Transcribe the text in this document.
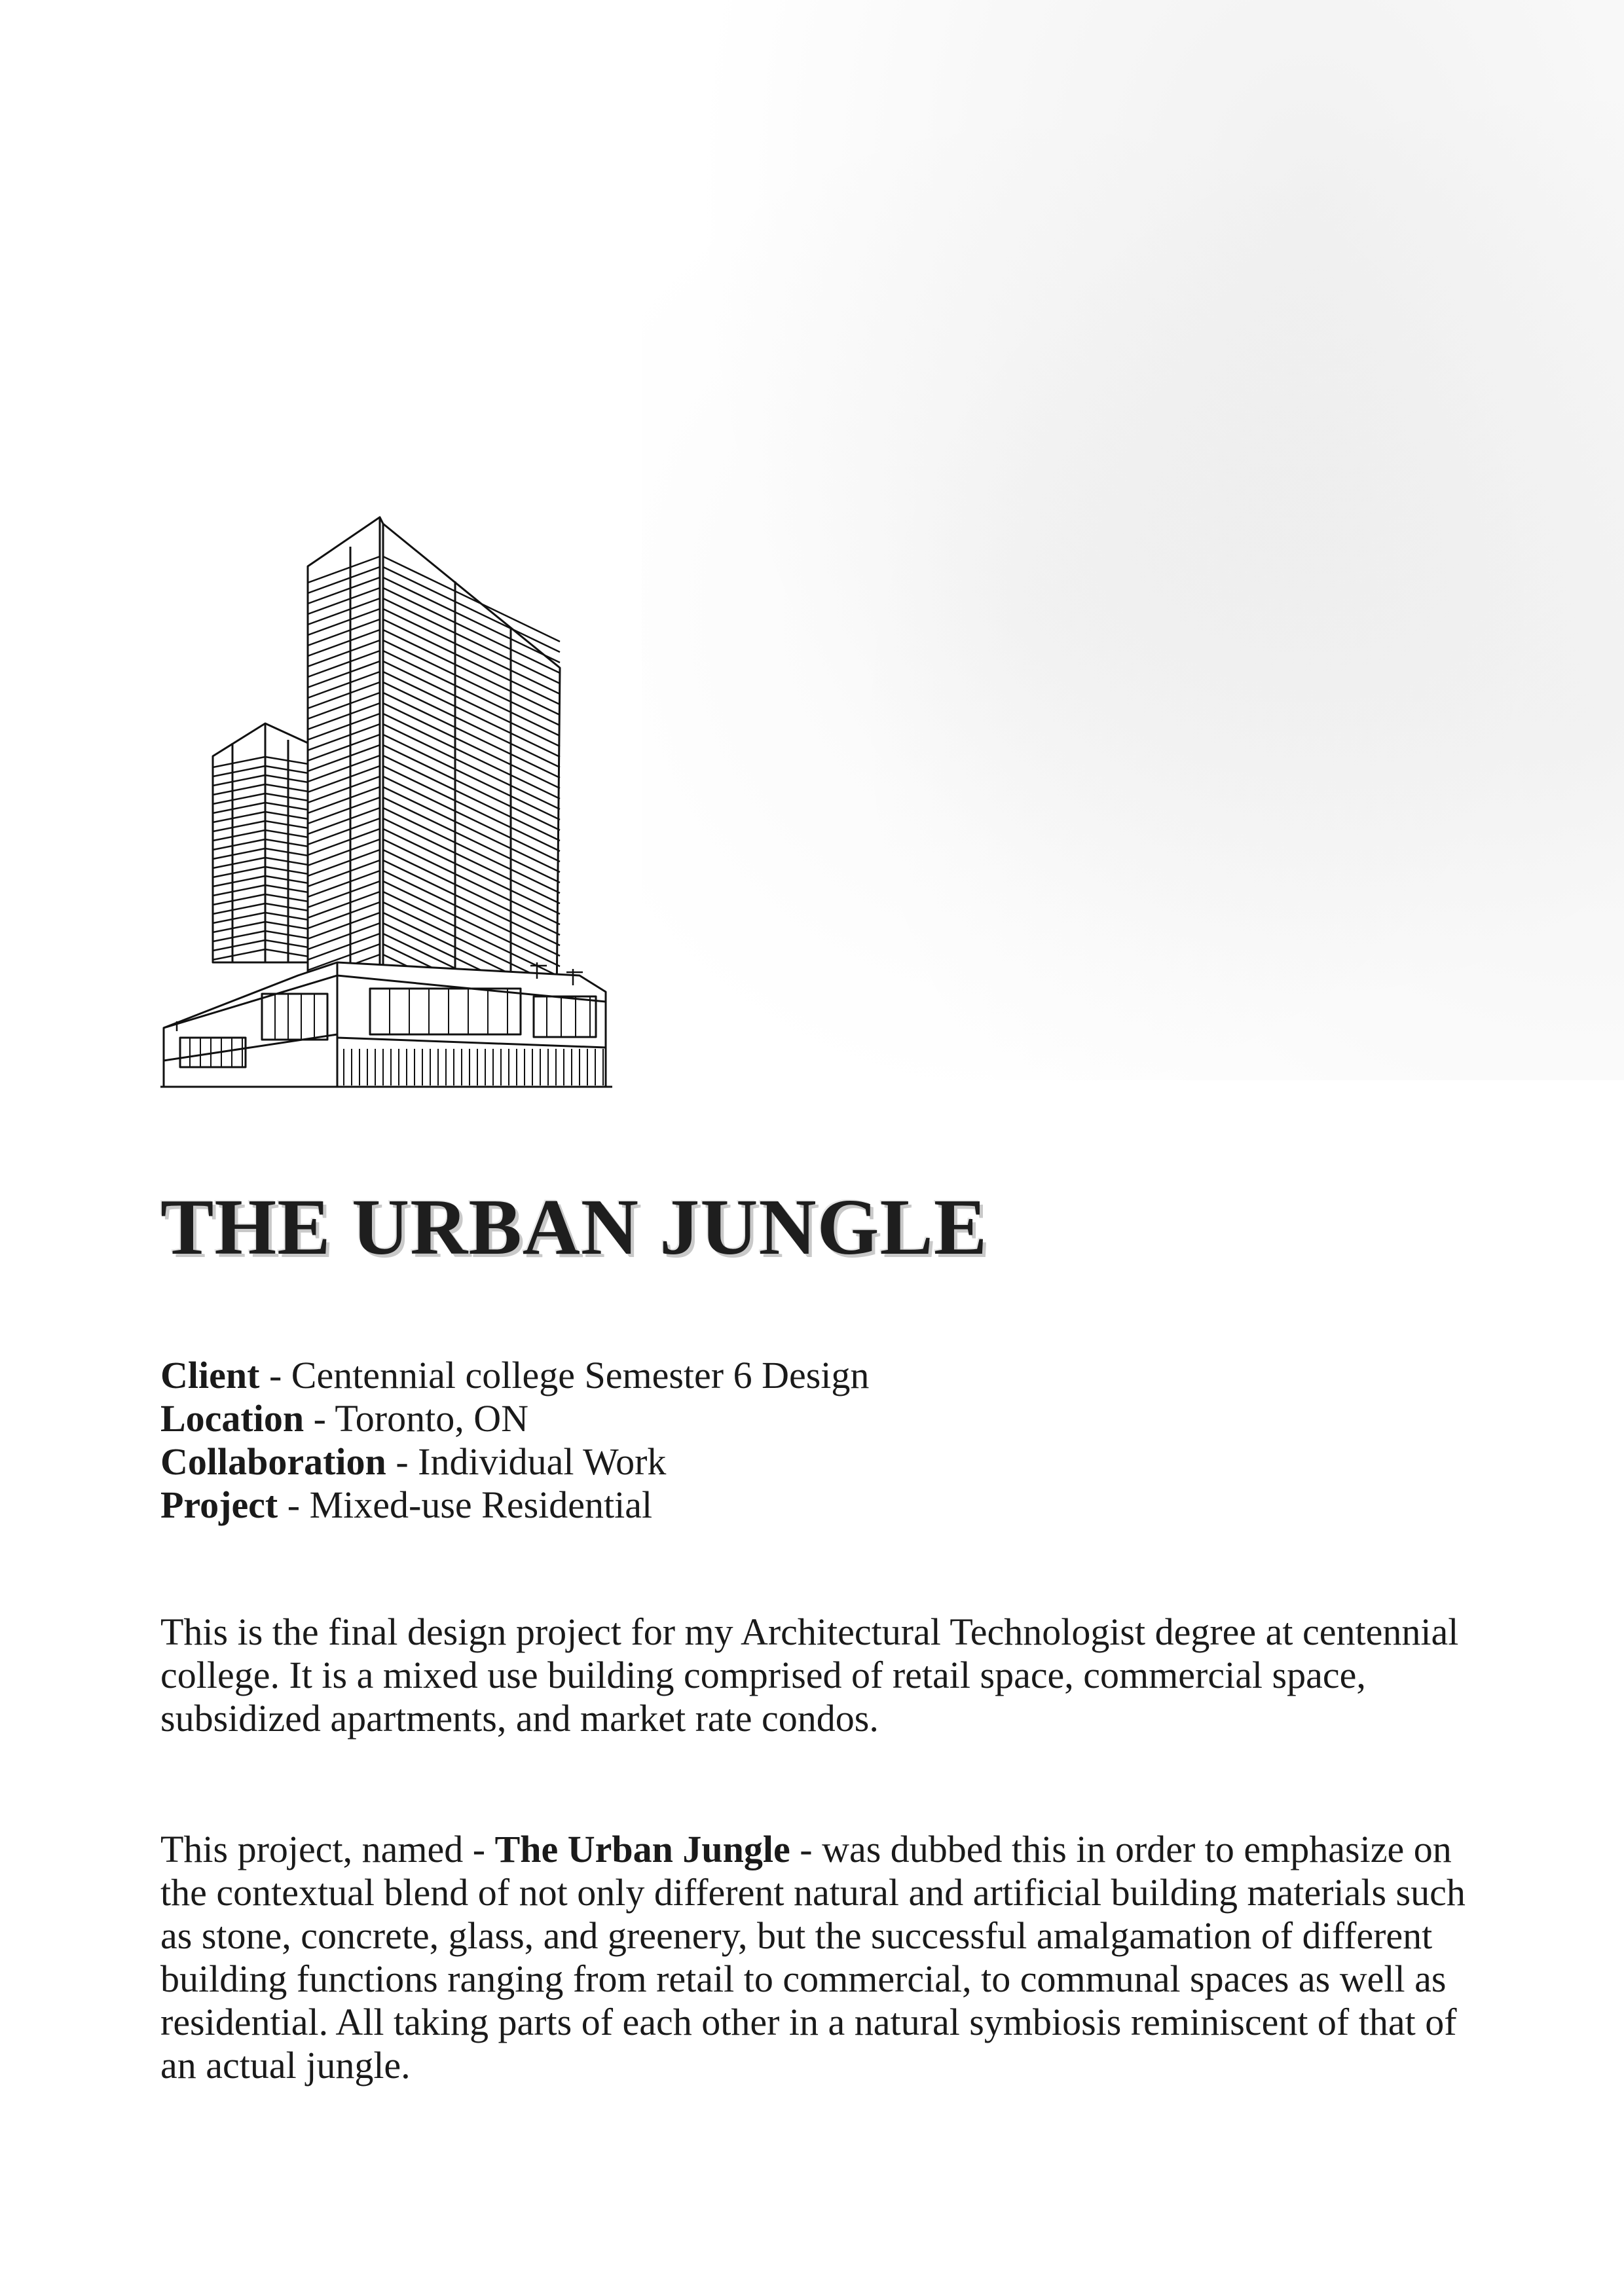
THE URBAN JUNGLE
Client - Centennial college Semester 6 Design
Location - Toronto, ON
Collaboration - Individual Work
Project - Mixed-use Residential

This is the final design project for my Architectural Technologist degree at centennial college. It is a mixed use building comprised of retail space, commercial space, subsidized apartments, and market rate condos.

This project, named - The Urban Jungle - was dubbed this in order to emphasize on the contextual blend of not only different natural and artificial building materials such as stone, concrete, glass, and greenery, but the successful amalgamation of different building functions ranging from retail to commercial, to communal spaces as well as residential. All taking parts of each other in a natural symbiosis reminiscent of that of an actual jungle.
